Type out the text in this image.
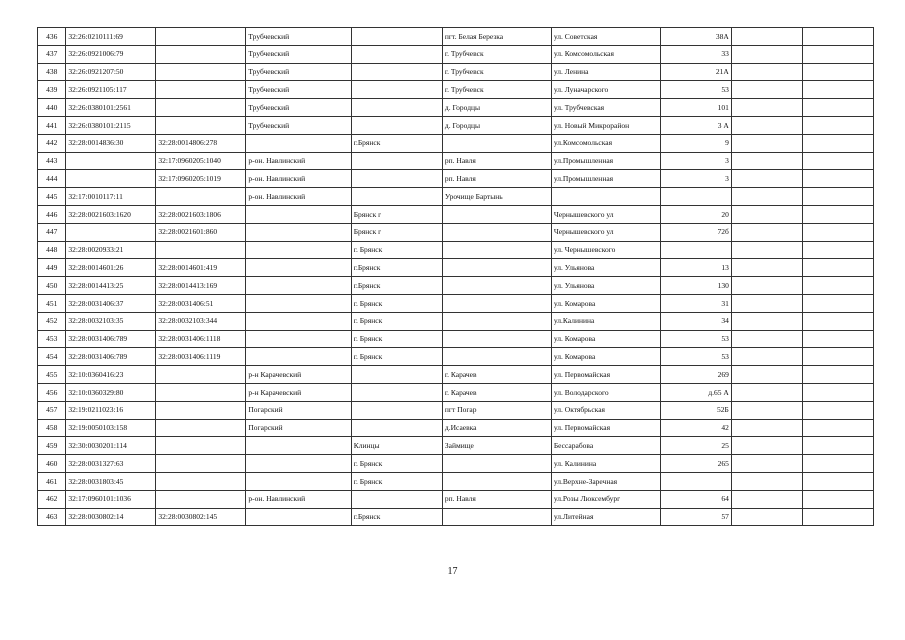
436	32:26:0210111:69		Трубчевский		пгт. Белая Березка	ул. Советская	38А		
437	32:26:0921006:79		Трубчевский		г. Трубчевск	ул. Комсомольская	33		
438	32:26:0921207:50		Трубчевский		г. Трубчевск	ул. Ленина	21А		
439	32:26:0921105:117		Трубчевский		г. Трубчевск	ул. Луначарского	53		
440	32:26:0380101:2561		Трубчевский		д. Городцы	ул. Трубчевская	101		
441	32:26:0380101:2115		Трубчевский		д. Городцы	ул. Новый Микрорайон	3 А		
442	32:28:0014836:30	32:28:0014806:278		г.Брянск		ул.Комсомольская	9		
443		32:17:0960205:1040	р-он. Навлинский		рп. Навля	ул.Промышленная	3		
444		32:17:0960205:1019	р-он. Навлинский		рп. Навля	ул.Промышленная	3		
445	32:17:0010117:11		р-он. Навлинский		Урочище Бартынь				
446	32:28:0021603:1620	32:28:0021603:1806		Брянск г		Чернышевского ул	20		
447		32:28:0021601:860		Брянск г		Чернышевского ул	72б		
448	32:28:0020933:21			г. Брянск		ул. Чернышевского			
449	32:28:0014601:26	32:28:0014601:419		г.Брянск		ул. Ульянова	13		
450	32:28:0014413:25	32:28:0014413:169		г.Брянск		ул. Ульянова	130		
451	32:28:0031406:37	32:28:0031406:51		г. Брянск		ул. Комарова	31		
452	32:28:0032103:35	32:28:0032103:344		г. Брянск		ул.Калинина	34		
453	32:28:0031406:789	32:28:0031406:1118		г. Брянск		ул. Комарова	53		
454	32:28:0031406:789	32:28:0031406:1119		г. Брянск		ул. Комарова	53		
455	32:10:0360416:23		р-н Карачевский		г. Карачев	ул. Первомайская	269		
456	32:10:0360329:80		р-н Карачевский		г. Карачев	ул. Володарского	д.65 А		
457	32:19:0211023:16		Погарский		пгт Погар	ул. Октябрьская	52Б		
458	32:19:0050103:158		Погарский		д.Исаевка	ул. Первомайская	42		
459	32:30:0030201:114			Клинцы	Займище	Бессарабова	25		
460	32:28:0031327:63			г. Брянск		ул. Калинина	265		
461	32:28:0031803:45			г. Брянск		ул.Верхне-Заречная			
462	32:17:0960101:1036		р-он. Навлинский		рп. Навля	ул.Розы Люксембург	64		
463	32:28:0030802:14	32:28:0030802:145		г.Брянск		ул.Литейная	57		
17
